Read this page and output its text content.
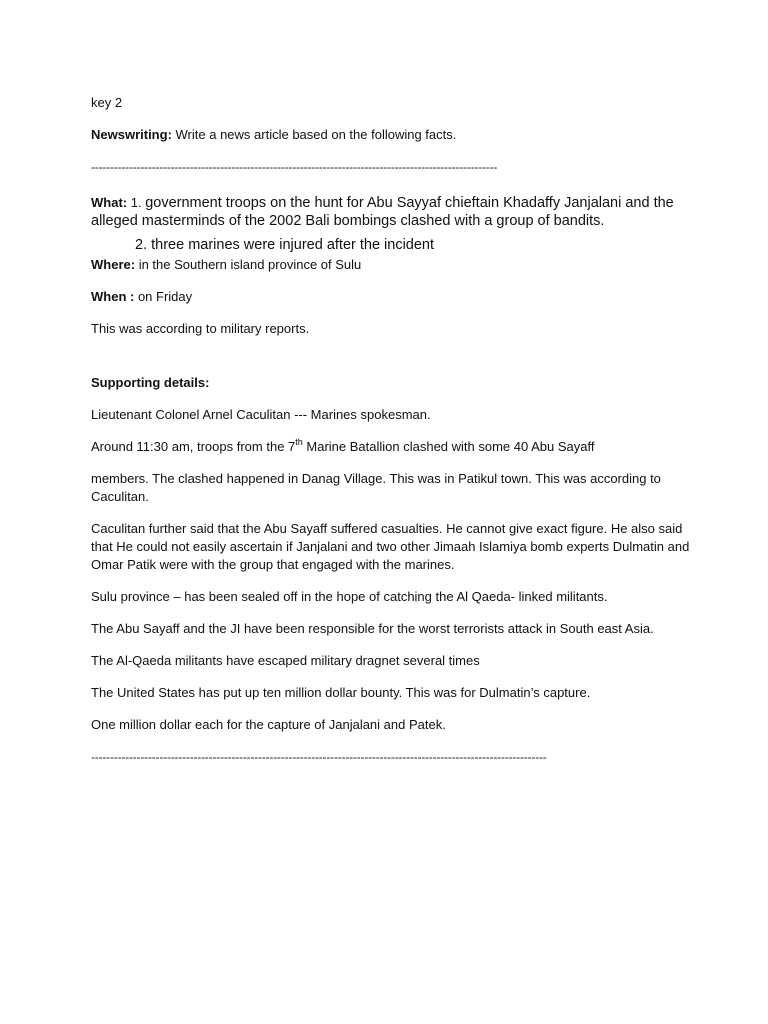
key 2
Newswriting: Write a news article based on the following facts.
-----------------------------------------------------------------------------------------------------------
What: 1. government troops on the hunt for Abu Sayyaf chieftain Khadaffy Janjalani and the alleged masterminds of the 2002 Bali bombings clashed with a group of bandits.
2. three marines were injured after the incident
Where: in the Southern island province of Sulu
When : on Friday
This was according to military reports.
Supporting details:
Lieutenant Colonel Arnel Caculitan --- Marines spokesman.
Around 11:30 am, troops from the 7th Marine Batallion clashed with some 40 Abu Sayaff
members. The clashed happened in Danag Village. This was in Patikul town. This was according to Caculitan.
Caculitan further said that the Abu Sayaff suffered casualties. He cannot give exact figure. He also said that He could not easily ascertain if Janjalani and two other Jimaah Islamiya bomb experts Dulmatin and Omar Patik were with the group that engaged with the marines.
Sulu province – has been sealed off in the hope of catching the Al Qaeda- linked militants.
The Abu Sayaff and the JI have been responsible for the worst terrorists attack in South east Asia.
The Al-Qaeda militants have escaped military dragnet several times
The United States has put up ten million dollar bounty. This was for Dulmatin’s capture.
One million dollar each for the capture of Janjalani and Patek.
------------------------------------------------------------------------------------------------------------------------
